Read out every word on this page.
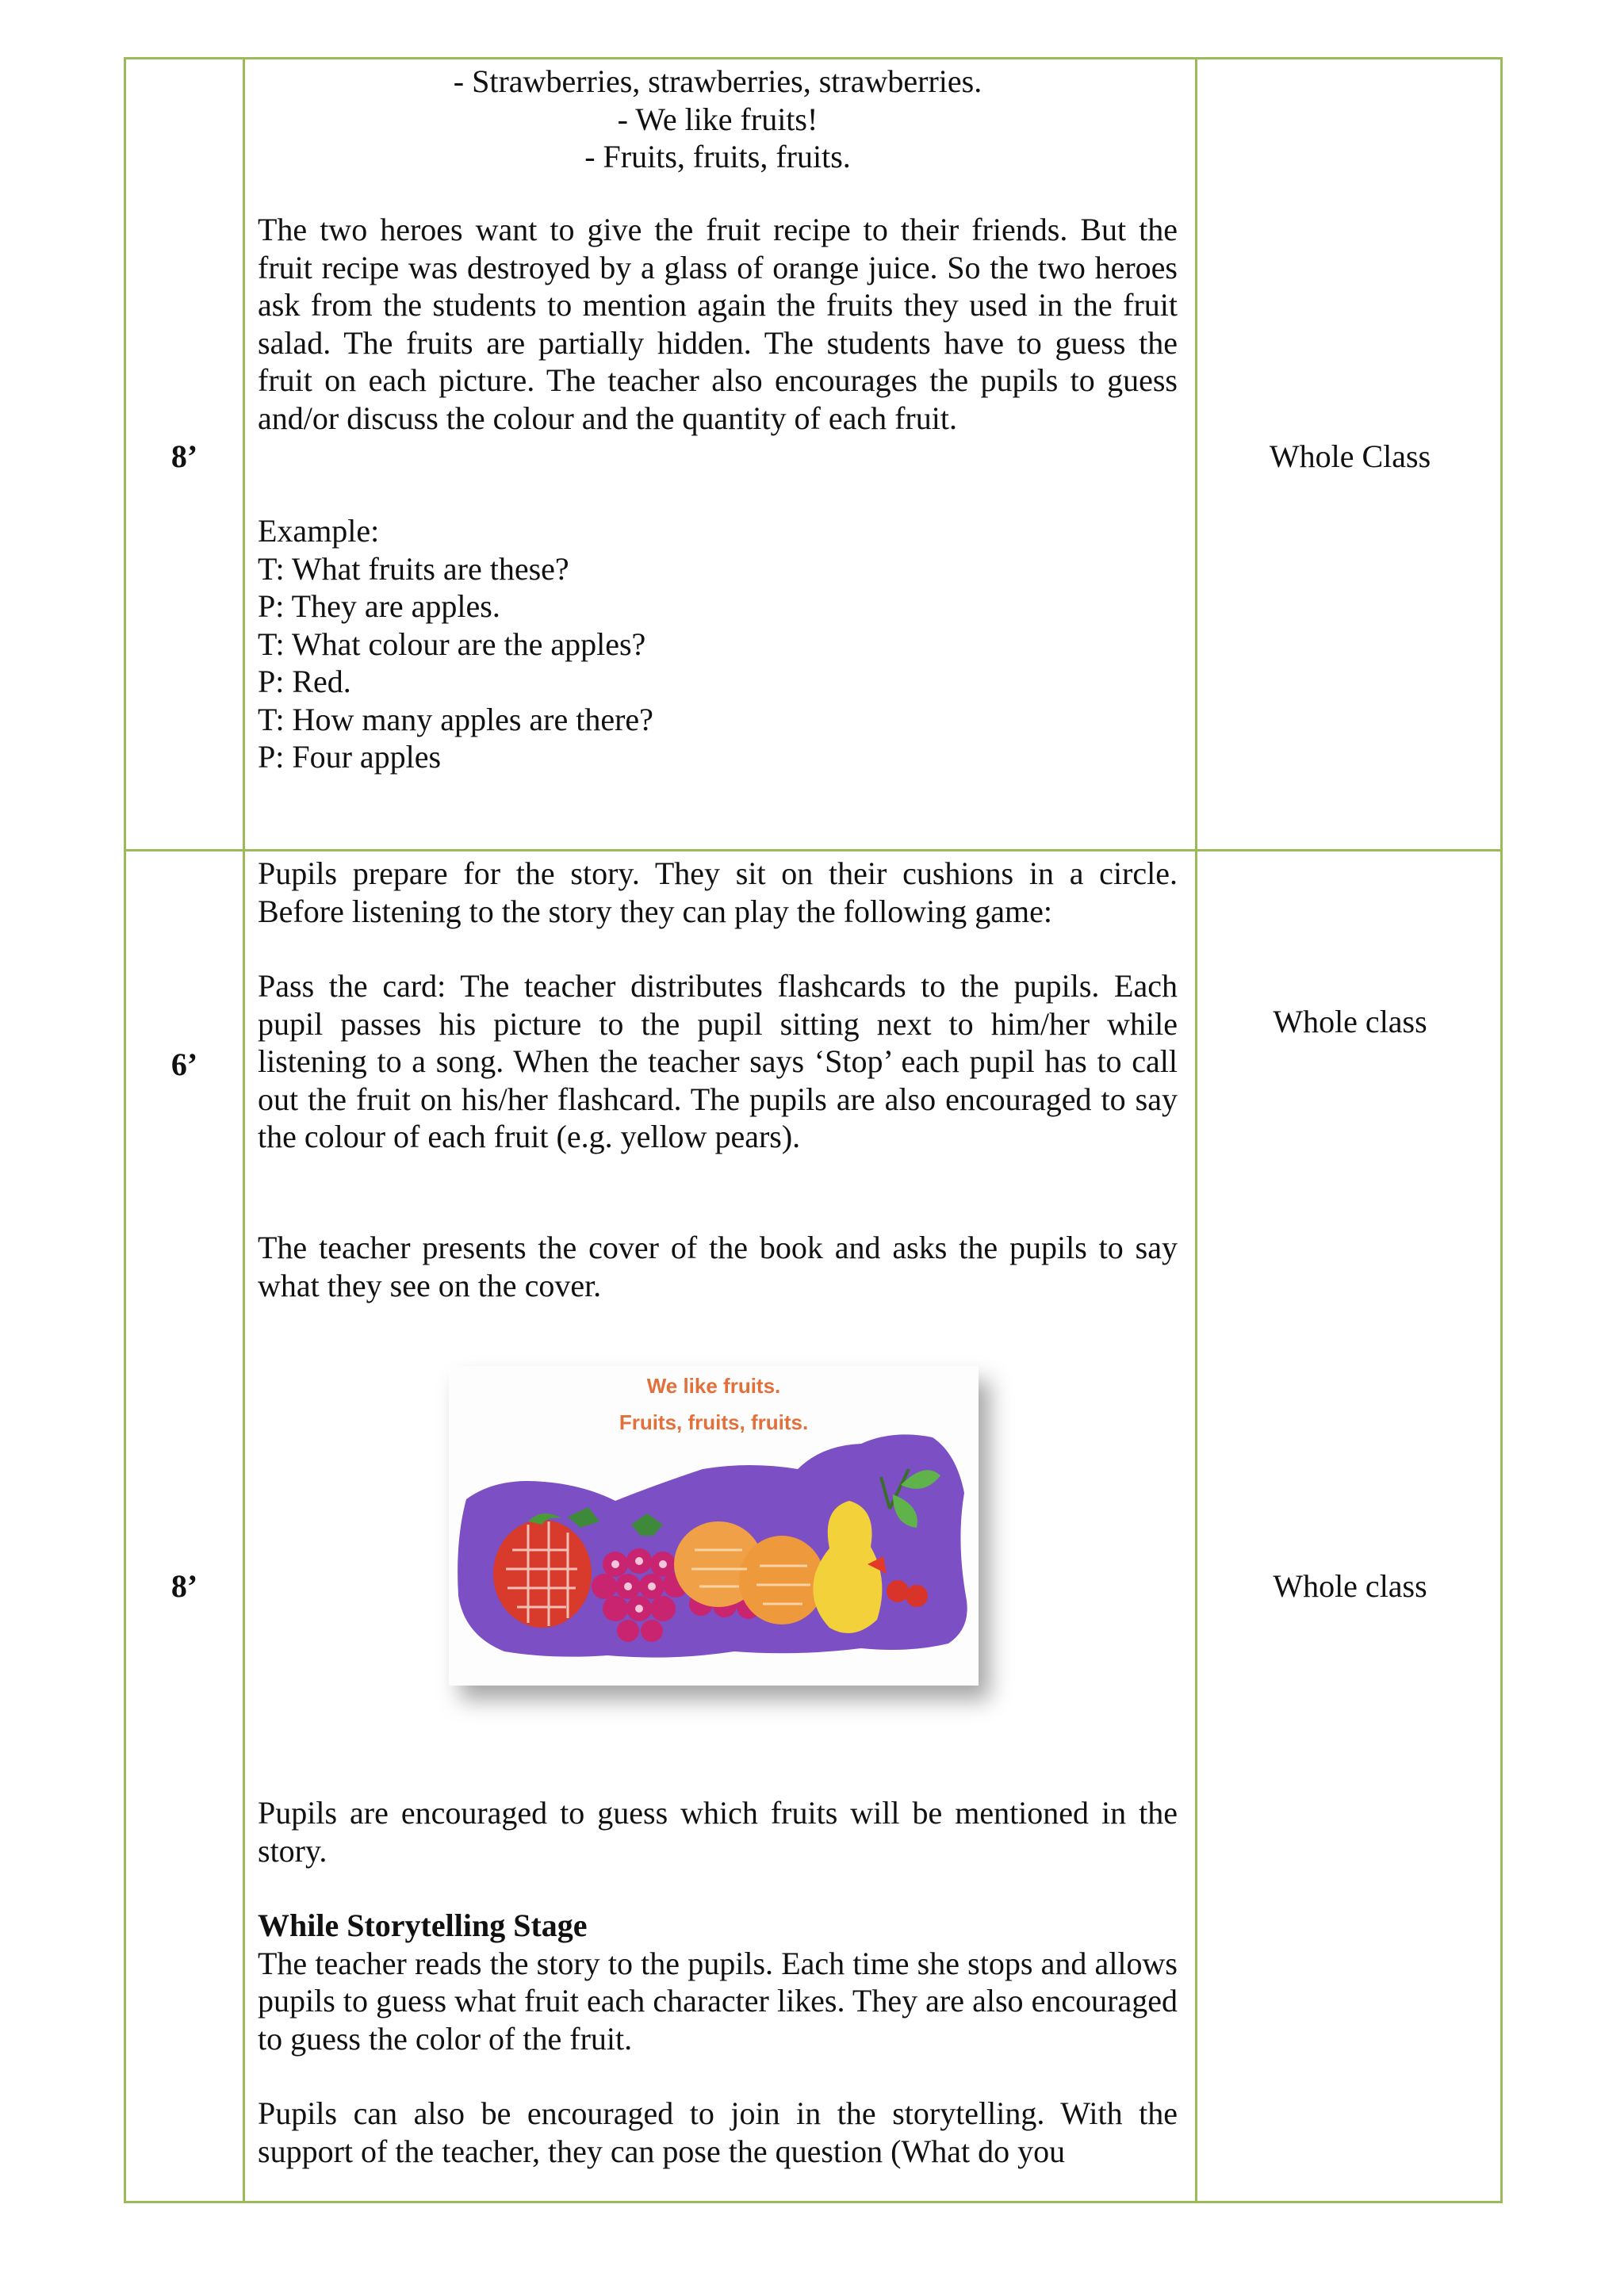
8’	Whole Class

- Strawberries, strawberries, strawberries.

- We like fruits!

- Fruits, fruits, fruits.

The two heroes want to give the fruit recipe to their friends. But the fruit recipe was destroyed by a glass of orange juice. So the two heroes ask from the students to mention again the fruits they used in the fruit salad. The fruits are partially hidden. The students have to guess the fruit on each picture. The teacher also encourages the pupils to guess and/or discuss the colour and the quantity of each fruit.

Example:

T: What fruits are these?

P: They are apples.

T: What colour are the apples?

P: Red.

T: How many apples are there?

P: Four apples

6’
Whole class
8’	Whole class

Pupils prepare for the story. They sit on their cushions in a circle. Before listening to the story they can play the following game:

Pass the card: The teacher distributes flashcards to the pupils. Each pupil passes his picture to the pupil sitting next to him/her while listening to a song. When the teacher says ‘Stop’ each pupil has to call out the fruit on his/her flashcard. The pupils are also encouraged to say the colour of each fruit (e.g. yellow pears).

The teacher presents the cover of the book and asks the pupils to say what they see on the cover.

Pupils are encouraged to guess which fruits will be mentioned in the story.

While Storytelling Stage

The teacher reads the story to the pupils. Each time she stops and allows pupils to guess what fruit each character likes. They are also encouraged to guess the color of the fruit.

Pupils can also be encouraged to join in the storytelling. With the support of the teacher, they can pose the question (What do you

We like fruits.
Fruits, fruits, fruits.
